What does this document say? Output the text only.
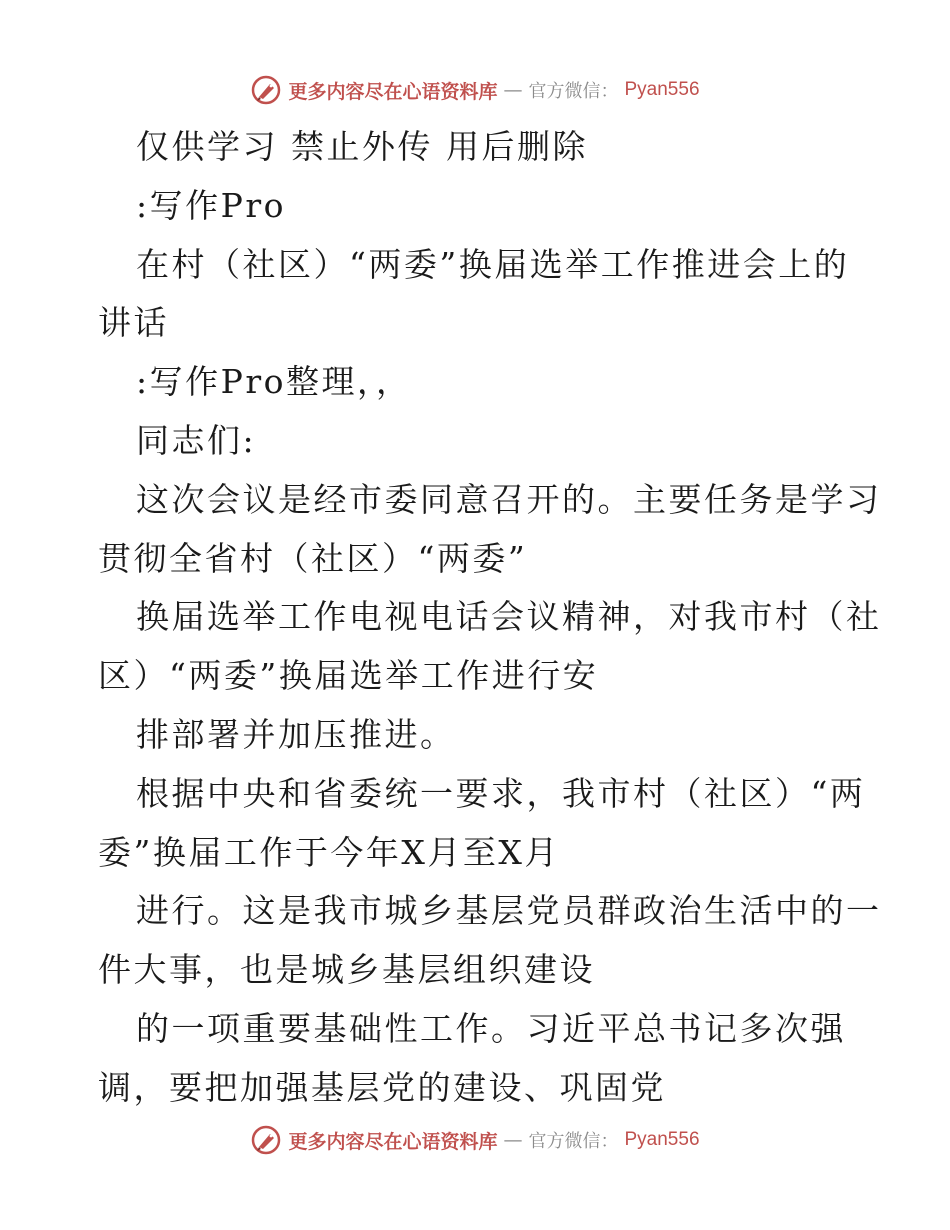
更多内容尽在心语资料库 — 官方微信： Pyan556
仅供学习 禁止外传 用后删除
:写作Pro
在村（社区）“两委”换届选举工作推进会上的
讲话
:写作Pro整理，，
同志们:
这次会议是经市委同意召开的。主要任务是学习
贯彻全省村（社区）“两委”
换届选举工作电视电话会议精神，对我市村（社
区）“两委”换届选举工作进行安
排部署并加压推进。
根据中央和省委统一要求，我市村（社区）“两
委”换届工作于今年X月至X月
进行。这是我市城乡基层党员群政治生活中的一
件大事，也是城乡基层组织建设
的一项重要基础性工作。习近平总书记多次强
调，要把加强基层党的建设、巩固党
更多内容尽在心语资料库 — 官方微信： Pyan556
